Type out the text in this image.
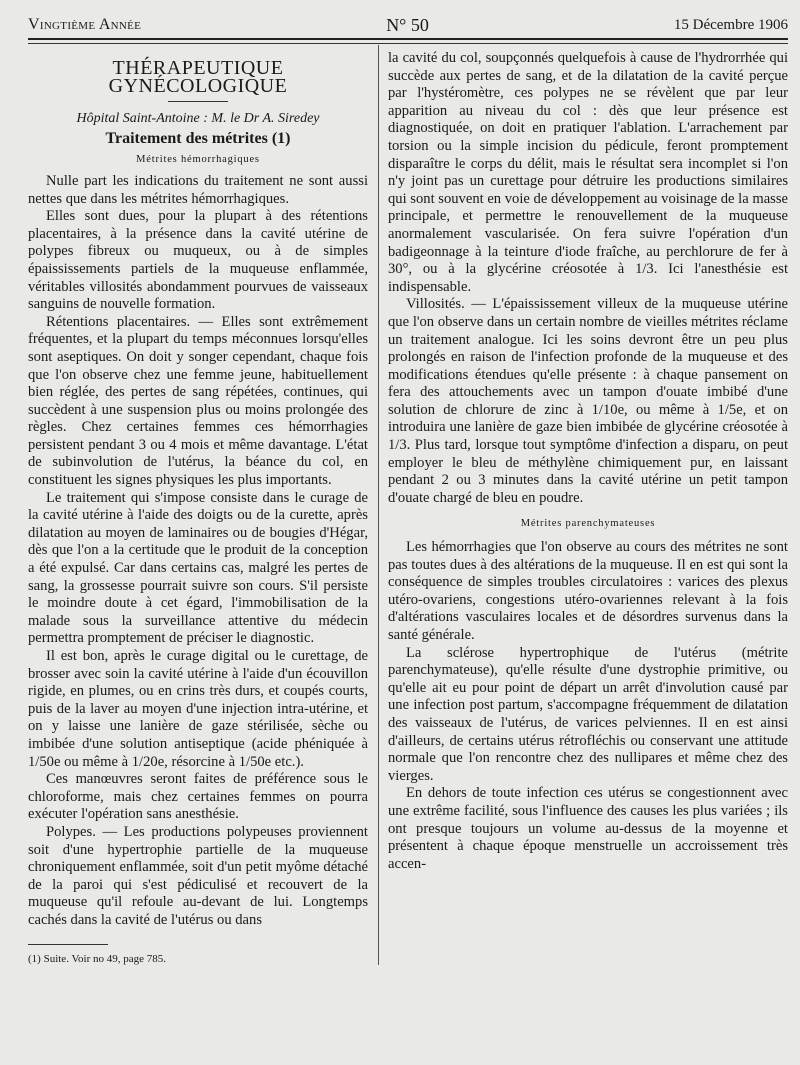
Vingtième Année	N° 50	15 Décembre 1906
THÉRAPEUTIQUE GYNÉCOLOGIQUE
Hôpital Saint-Antoine : M. le Dr A. Siredey
Traitement des métrites (1)
Métrites hémorrhagiques

Nulle part les indications du traitement ne sont aussi nettes que dans les métrites hémorrhagiques.

Elles sont dues, pour la plupart à des rétentions placentaires, à la présence dans la cavité utérine de polypes fibreux ou muqueux, ou à de simples épaississements partiels de la muqueuse enflammée, véritables villosités abondamment pourvues de vaisseaux sanguins de nouvelle formation.

Rétentions placentaires. — Elles sont extrêmement fréquentes, et la plupart du temps méconnues lorsqu'elles sont aseptiques. On doit y songer cependant, chaque fois que l'on observe chez une femme jeune, habituellement bien réglée, des pertes de sang répétées, continues, qui succèdent à une suspension plus ou moins prolongée des règles. Chez certaines femmes ces hémorrhagies persistent pendant 3 ou 4 mois et même davantage. L'état de subinvolution de l'utérus, la béance du col, en constituent les signes physiques les plus importants.

Le traitement qui s'impose consiste dans le curage de la cavité utérine à l'aide des doigts ou de la curette, après dilatation au moyen de laminaires ou de bougies d'Hégar, dès que l'on a la certitude que le produit de la conception a été expulsé. Car dans certains cas, malgré les pertes de sang, la grossesse pourrait suivre son cours. S'il persiste le moindre doute à cet égard, l'immobilisation de la malade sous la surveillance attentive du médecin permettra promptement de préciser le diagnostic.

Il est bon, après le curage digital ou le curettage, de brosser avec soin la cavité utérine à l'aide d'un écouvillon rigide, en plumes, ou en crins très durs, et coupés courts, puis de la laver au moyen d'une injection intra-utérine, et on y laisse une lanière de gaze stérilisée, sèche ou imbibée d'une solution antiseptique (acide phéniquée à 1/50e ou même à 1/20e, résorcine à 1/50e etc.).

Ces manœuvres seront faites de préférence sous le chloroforme, mais chez certaines femmes on pourra exécuter l'opération sans anesthésie.

Polypes. — Les productions polypeuses proviennent soit d'une hypertrophie partielle de la muqueuse chroniquement enflammée, soit d'un petit myôme détaché de la paroi qui s'est pédiculisé et recouvert de la muqueuse qu'il refoule au-devant de lui. Longtemps cachés dans la cavité de l'utérus ou dans

(1) Suite. Voir no 49, page 785.

la cavité du col, soupçonnés quelquefois à cause de l'hydrorrhée qui succède aux pertes de sang, et de la dilatation de la cavité perçue par l'hystéromètre, ces polypes ne se révèlent que par leur apparition au niveau du col : dès que leur présence est diagnostiquée, on doit en pratiquer l'ablation. L'arrachement par torsion ou la simple incision du pédicule, feront promptement disparaître le corps du délit, mais le résultat sera incomplet si l'on n'y joint pas un curettage pour détruire les productions similaires qui sont souvent en voie de développement au voisinage de la masse principale, et permettre le renouvellement de la muqueuse anormalement vascularisée. On fera suivre l'opération d'un badigeonnage à la teinture d'iode fraîche, au perchlorure de fer à 30°, ou à la glycérine créosotée à 1/3. Ici l'anesthésie est indispensable.

Villosités. — L'épaississement villeux de la muqueuse utérine que l'on observe dans un certain nombre de vieilles métrites réclame un traitement analogue. Ici les soins devront être un peu plus prolongés en raison de l'infection profonde de la muqueuse et des modifications étendues qu'elle présente : à chaque pansement on fera des attouchements avec un tampon d'ouate imbibé d'une solution de chlorure de zinc à 1/10e, ou même à 1/5e, et on introduira une lanière de gaze bien imbibée de glycérine créosotée à 1/3. Plus tard, lorsque tout symptôme d'infection a disparu, on peut employer le bleu de méthylène chimiquement pur, en laissant pendant 2 ou 3 minutes dans la cavité utérine un petit tampon d'ouate chargé de bleu en poudre.

Métrites parenchymateuses

Les hémorrhagies que l'on observe au cours des métrites ne sont pas toutes dues à des altérations de la muqueuse. Il en est qui sont la conséquence de simples troubles circulatoires : varices des plexus utéro-ovariens, congestions utéro-ovariennes relevant à la fois d'altérations vasculaires locales et de désordres survenus dans la santé générale.

La sclérose hypertrophique de l'utérus (métrite parenchymateuse), qu'elle résulte d'une dystrophie primitive, ou qu'elle ait eu pour point de départ un arrêt d'involution causé par une infection post partum, s'accompagne fréquemment de dilatation des vaisseaux de l'utérus, de varices pelviennes. Il en est ainsi d'ailleurs, de certains utérus rétrofléchis ou conservant une attitude normale que l'on rencontre chez des nullipares et même chez des vierges.

En dehors de toute infection ces utérus se congestionnent avec une extrême facilité, sous l'influence des causes les plus variées ; ils ont presque toujours un volume au-dessus de la moyenne et présentent à chaque époque menstruelle un accroissement très accen-
